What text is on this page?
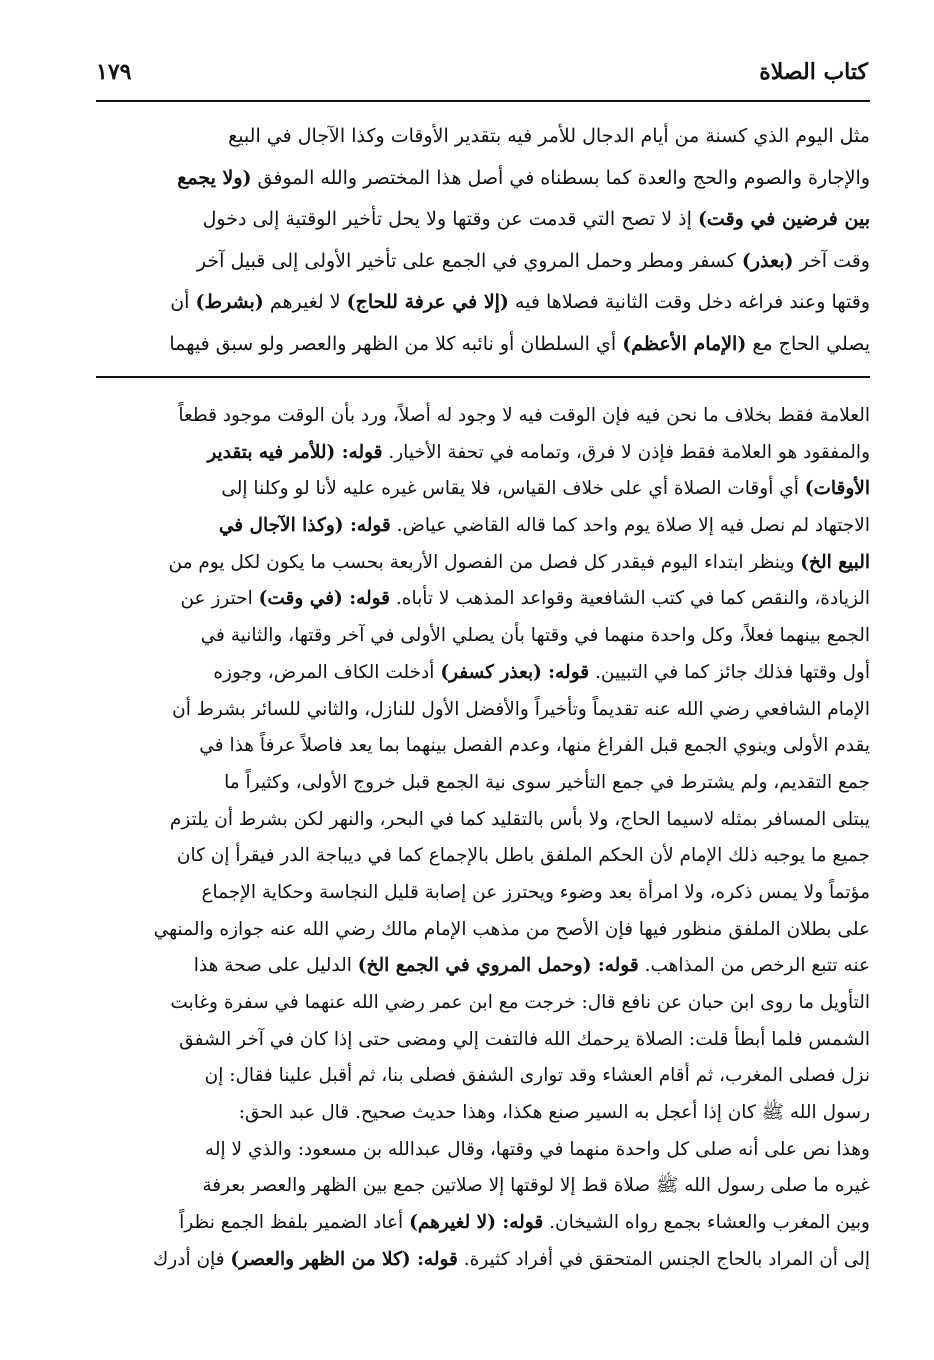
كتاب الصلاة
١٧٩
مثل اليوم الذي كسنة من أيام الدجال للأمر فيه بتقدير الأوقات وكذا الآجال في البيع
والإجارة والصوم والحج والعدة كما بسطناه في أصل هذا المختصر والله الموفق (ولا يجمع
بين فرضين في وقت) إذ لا تصح التي قدمت عن وقتها ولا يحل تأخير الوقتية إلى دخول
وقت آخر (بعذر) كسفر ومطر وحمل المروي في الجمع على تأخير الأولى إلى قبيل آخر
وقتها وعند فراغه دخل وقت الثانية فصلاها فيه (إلا في عرفة للحاج) لا لغيرهم (بشرط) أن
يصلي الحاج مع (الإمام الأعظم) أي السلطان أو نائبه كلا من الظهر والعصر ولو سبق فيهما
العلامة فقط بخلاف ما نحن فيه فإن الوقت فيه لا وجود له أصلاً، ورد بأن الوقت موجود قطعاً
والمفقود هو العلامة فقط فإذن لا فرق، وتمامه في تحفة الأخيار. قوله: (للأمر فيه بتقدير
الأوقات) أي أوقات الصلاة أي على خلاف القياس، فلا يقاس غيره عليه لأنا لو وكلنا إلى
الاجتهاد لم نصل فيه إلا صلاة يوم واحد كما قاله القاضي عياض. قوله: (وكذا الآجال في
البيع الخ) وينظر ابتداء اليوم فيقدر كل فصل من الفصول الأربعة بحسب ما يكون لكل يوم من
الزيادة، والنقص كما في كتب الشافعية وقواعد المذهب لا تأباه. قوله: (في وقت) احترز عن
الجمع بينهما فعلاً، وكل واحدة منهما في وقتها بأن يصلي الأولى في آخر وقتها، والثانية في
أول وقتها فذلك جائز كما في التبيين. قوله: (بعذر كسفر) أدخلت الكاف المرض، وجوزه
الإمام الشافعي رضي الله عنه تقديماً وتأخيراً والأفضل الأول للنازل، والثاني للسائر بشرط أن
يقدم الأولى وينوي الجمع قبل الفراغ منها، وعدم الفصل بينهما بما يعد فاصلاً عرفاً هذا في
جمع التقديم، ولم يشترط في جمع التأخير سوى نية الجمع قبل خروج الأولى، وكثيراً ما
يبتلى المسافر بمثله لاسيما الحاج، ولا بأس بالتقليد كما في البحر، والنهر لكن بشرط أن يلتزم
جميع ما يوجبه ذلك الإمام لأن الحكم الملفق باطل بالإجماع كما في ديباجة الدر فيقرأ إن كان
مؤتماً ولا يمس ذكره، ولا امرأة بعد وضوء ويحترز عن إصابة قليل النجاسة وحكاية الإجماع
على بطلان الملفق منظور فيها فإن الأصح من مذهب الإمام مالك رضي الله عنه جوازه والمنهي
عنه تتبع الرخص من المذاهب. قوله: (وحمل المروي في الجمع الخ) الدليل على صحة هذا
التأويل ما روى ابن حبان عن نافع قال: خرجت مع ابن عمر رضي الله عنهما في سفرة وغابت
الشمس فلما أبطأ قلت: الصلاة يرحمك الله فالتفت إلي ومضى حتى إذا كان في آخر الشفق
نزل فصلى المغرب، ثم أقام العشاء وقد توارى الشفق فصلى بنا، ثم أقبل علينا فقال: إن
رسول الله ﷺ كان إذا أعجل به السير صنع هكذا، وهذا حديث صحيح. قال عبد الحق:
وهذا نص على أنه صلى كل واحدة منهما في وقتها، وقال عبدالله بن مسعود: والذي لا إله
غيره ما صلى رسول الله ﷺ صلاة قط إلا لوقتها إلا صلاتين جمع بين الظهر والعصر بعرفة
وبين المغرب والعشاء بجمع رواه الشيخان. قوله: (لا لغيرهم) أعاد الضمير بلفظ الجمع نظراً
إلى أن المراد بالحاج الجنس المتحقق في أفراد كثيرة. قوله: (كلا من الظهر والعصر) فإن أدرك
